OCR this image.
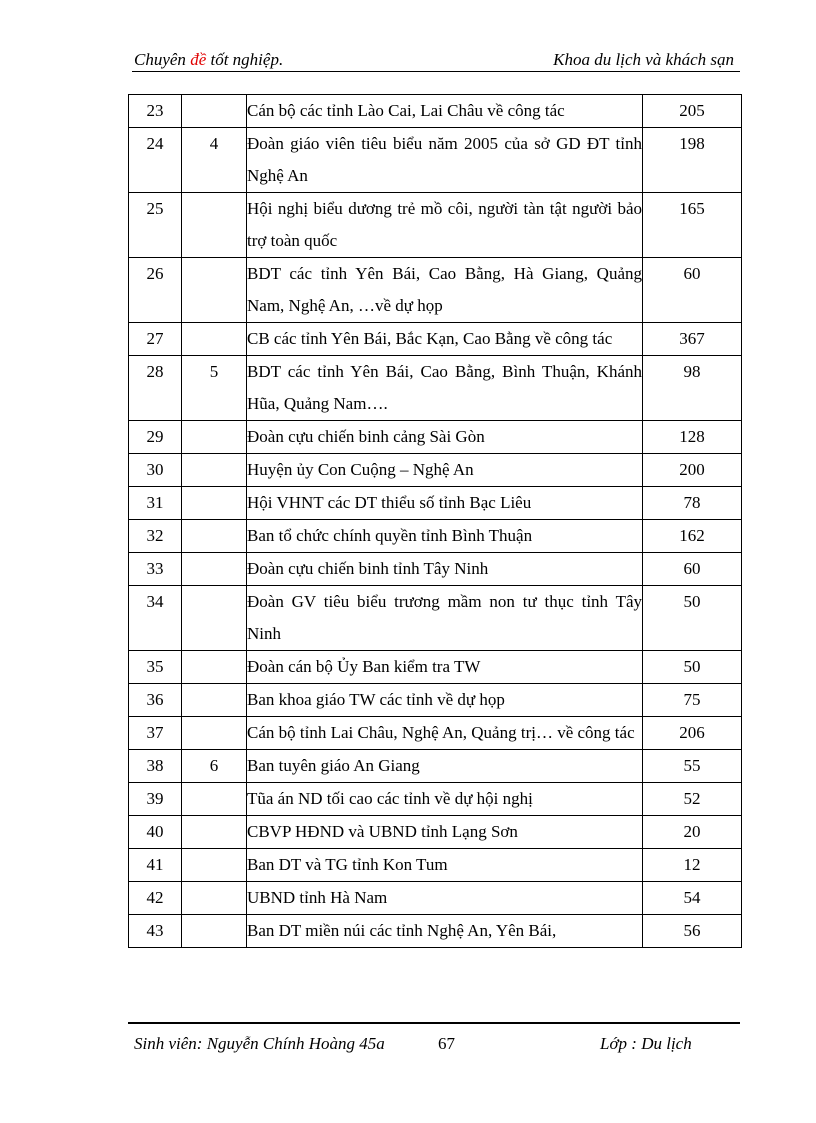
Chuyên đề tốt nghiệp.	Khoa du lịch và khách sạn
23		Cán bộ các tỉnh Lào Cai, Lai Châu về công tác	205
24	4	Đoàn giáo viên tiêu biểu năm 2005 của sở GD ĐT tỉnh Nghệ An	198
25		Hội nghị biểu dương trẻ mồ côi, người tàn tật người bảo trợ toàn quốc	165
26		BDT các tỉnh Yên Bái, Cao Bằng, Hà Giang, Quảng Nam, Nghệ An, …về dự họp	60
27		CB các tỉnh Yên Bái, Bắc Kạn, Cao Bằng về công tác	367
28	5	BDT các tỉnh Yên Bái, Cao Bằng, Bình Thuận, Khánh Hũa, Quảng Nam….	98
29		Đoàn cựu chiến binh cảng Sài Gòn	128
30		Huyện ủy Con Cuộng – Nghệ An	200
31		Hội VHNT các DT thiểu số tỉnh Bạc Liêu	78
32		Ban tổ chức chính quyền tỉnh Bình Thuận	162
33		Đoàn cựu chiến binh tỉnh Tây Ninh	60
34		Đoàn GV tiêu biểu trương mầm non tư thục tỉnh Tây Ninh	50
35		Đoàn cán bộ Ủy Ban kiểm tra TW	50
36		Ban khoa giáo TW các tỉnh về dự họp	75
37		Cán bộ tỉnh Lai Châu, Nghệ An, Quảng trị… về công tác	206
38	6	Ban tuyên giáo An Giang	55
39		Tũa án ND tối cao các tỉnh về dự hội nghị	52
40		CBVP HĐND và UBND tỉnh Lạng Sơn	20
41		Ban DT và TG tỉnh Kon Tum	12
42		UBND tỉnh Hà Nam	54
43		Ban DT miền núi các tỉnh Nghệ An, Yên Bái,	56
Sinh viên: Nguyễn Chính Hoàng 45a	67	Lớp : Du lịch
